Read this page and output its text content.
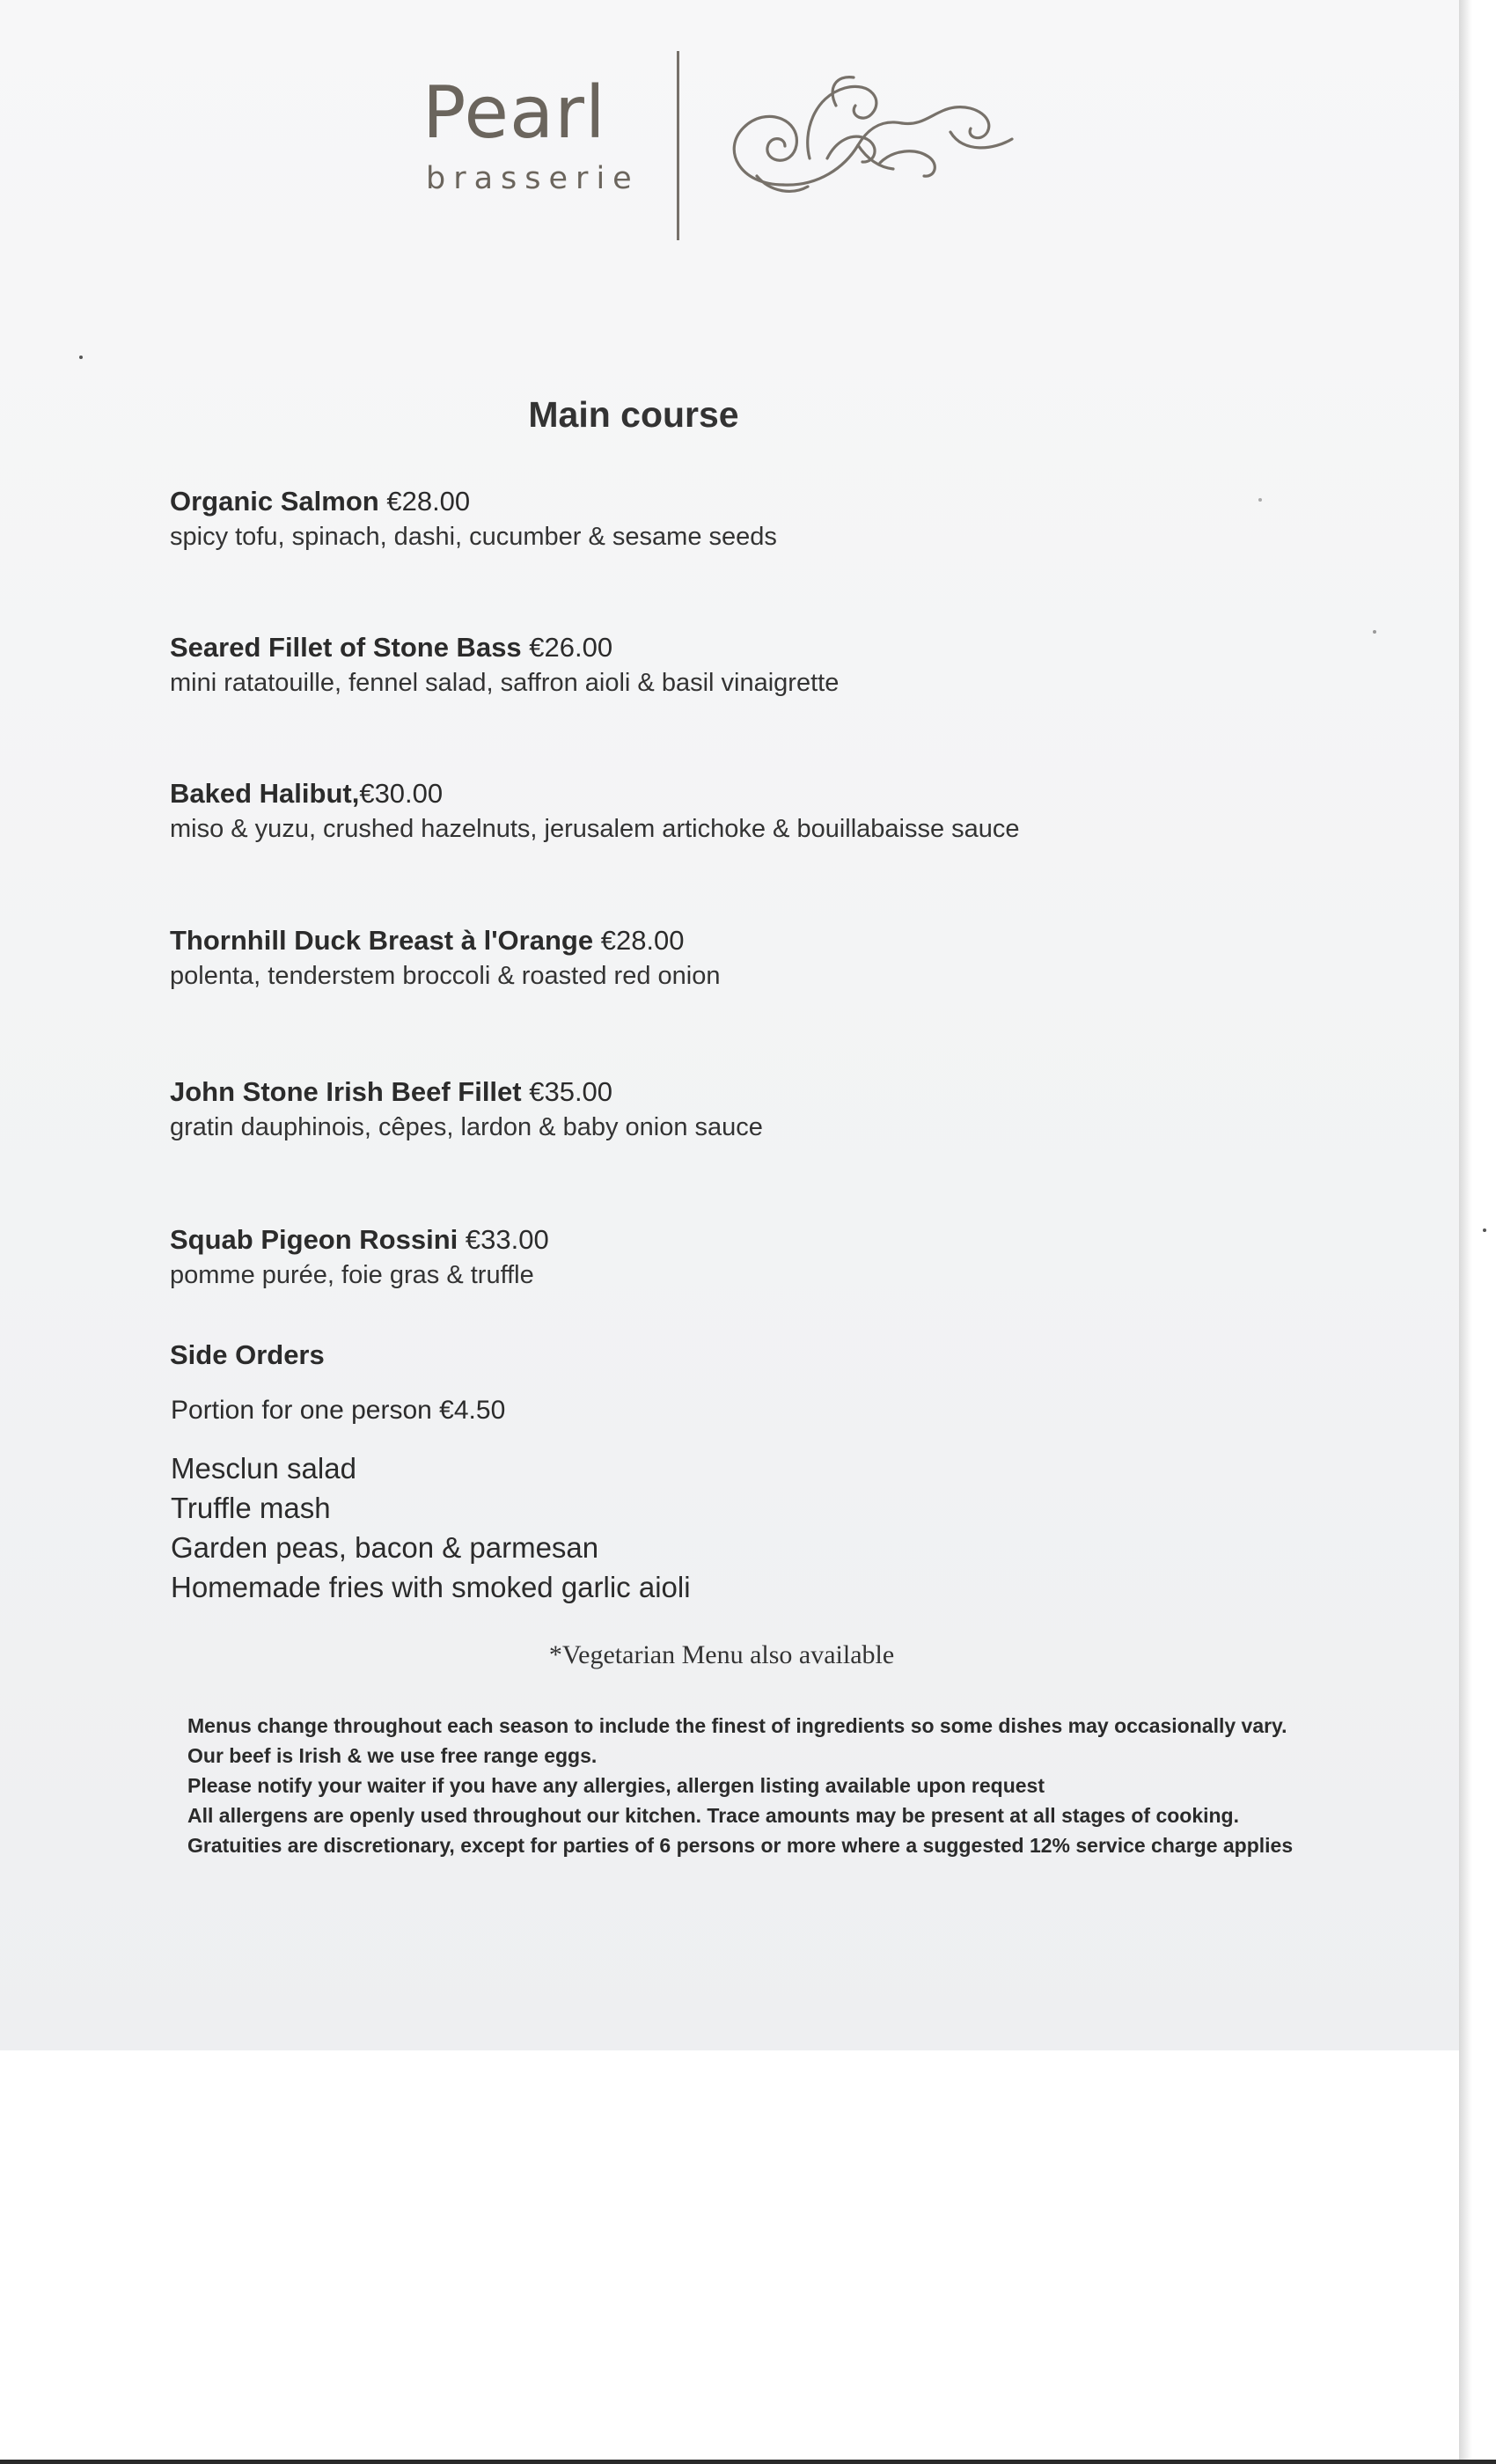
Pearl
brasserie
Main course
Organic Salmon €28.00
spicy tofu, spinach, dashi, cucumber & sesame seeds
Seared Fillet of Stone Bass €26.00
mini ratatouille, fennel salad, saffron aioli & basil vinaigrette
Baked Halibut,€30.00
miso & yuzu, crushed hazelnuts, jerusalem artichoke & bouillabaisse sauce
Thornhill Duck Breast à l'Orange €28.00
polenta, tenderstem broccoli & roasted red onion
John Stone Irish Beef Fillet €35.00
gratin dauphinois, cêpes, lardon & baby onion sauce
Squab Pigeon Rossini €33.00
pomme purée, foie gras & truffle
Side Orders
Portion for one person €4.50
Mesclun salad
Truffle mash
Garden peas, bacon & parmesan
Homemade fries with smoked garlic aioli
*Vegetarian Menu also available
Menus change throughout each season to include the finest of ingredients so some dishes may occasionally vary.
Our beef is Irish & we use free range eggs.
Please notify your waiter if you have any allergies, allergen listing available upon request
All allergens are openly used throughout our kitchen. Trace amounts may be present at all stages of cooking.
Gratuities are discretionary, except for parties of 6 persons or more where a suggested 12% service charge applies
